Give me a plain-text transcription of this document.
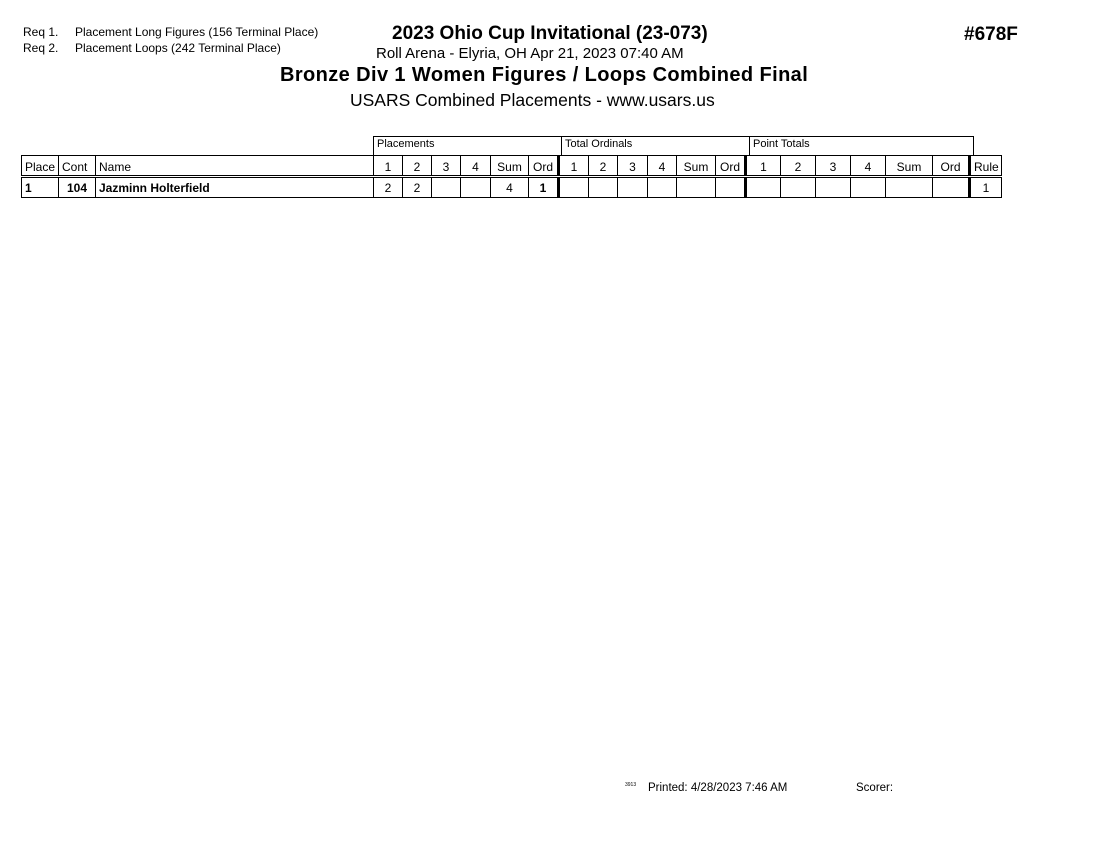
Req 1. Placement Long Figures (156 Terminal Place)
Req 2. Placement Loops (242 Terminal Place)
2023 Ohio Cup Invitational (23-073)
Roll Arena - Elyria, OH Apr 21, 2023 07:40 AM
Bronze Div 1 Women Figures / Loops Combined Final
USARS Combined Placements - www.usars.us
#678F
Placements	Total Ordinals	Point Totals
Place	Cont	Name	1	2	3	4	Sum	Ord	1	2	3	4	Sum	Ord	1	2	3	4	Sum	Ord	Rule
1	104	Jazminn Holterfield	2	2			4	1													1
3913 Printed: 4/28/2023 7:46 AM	Scorer:
